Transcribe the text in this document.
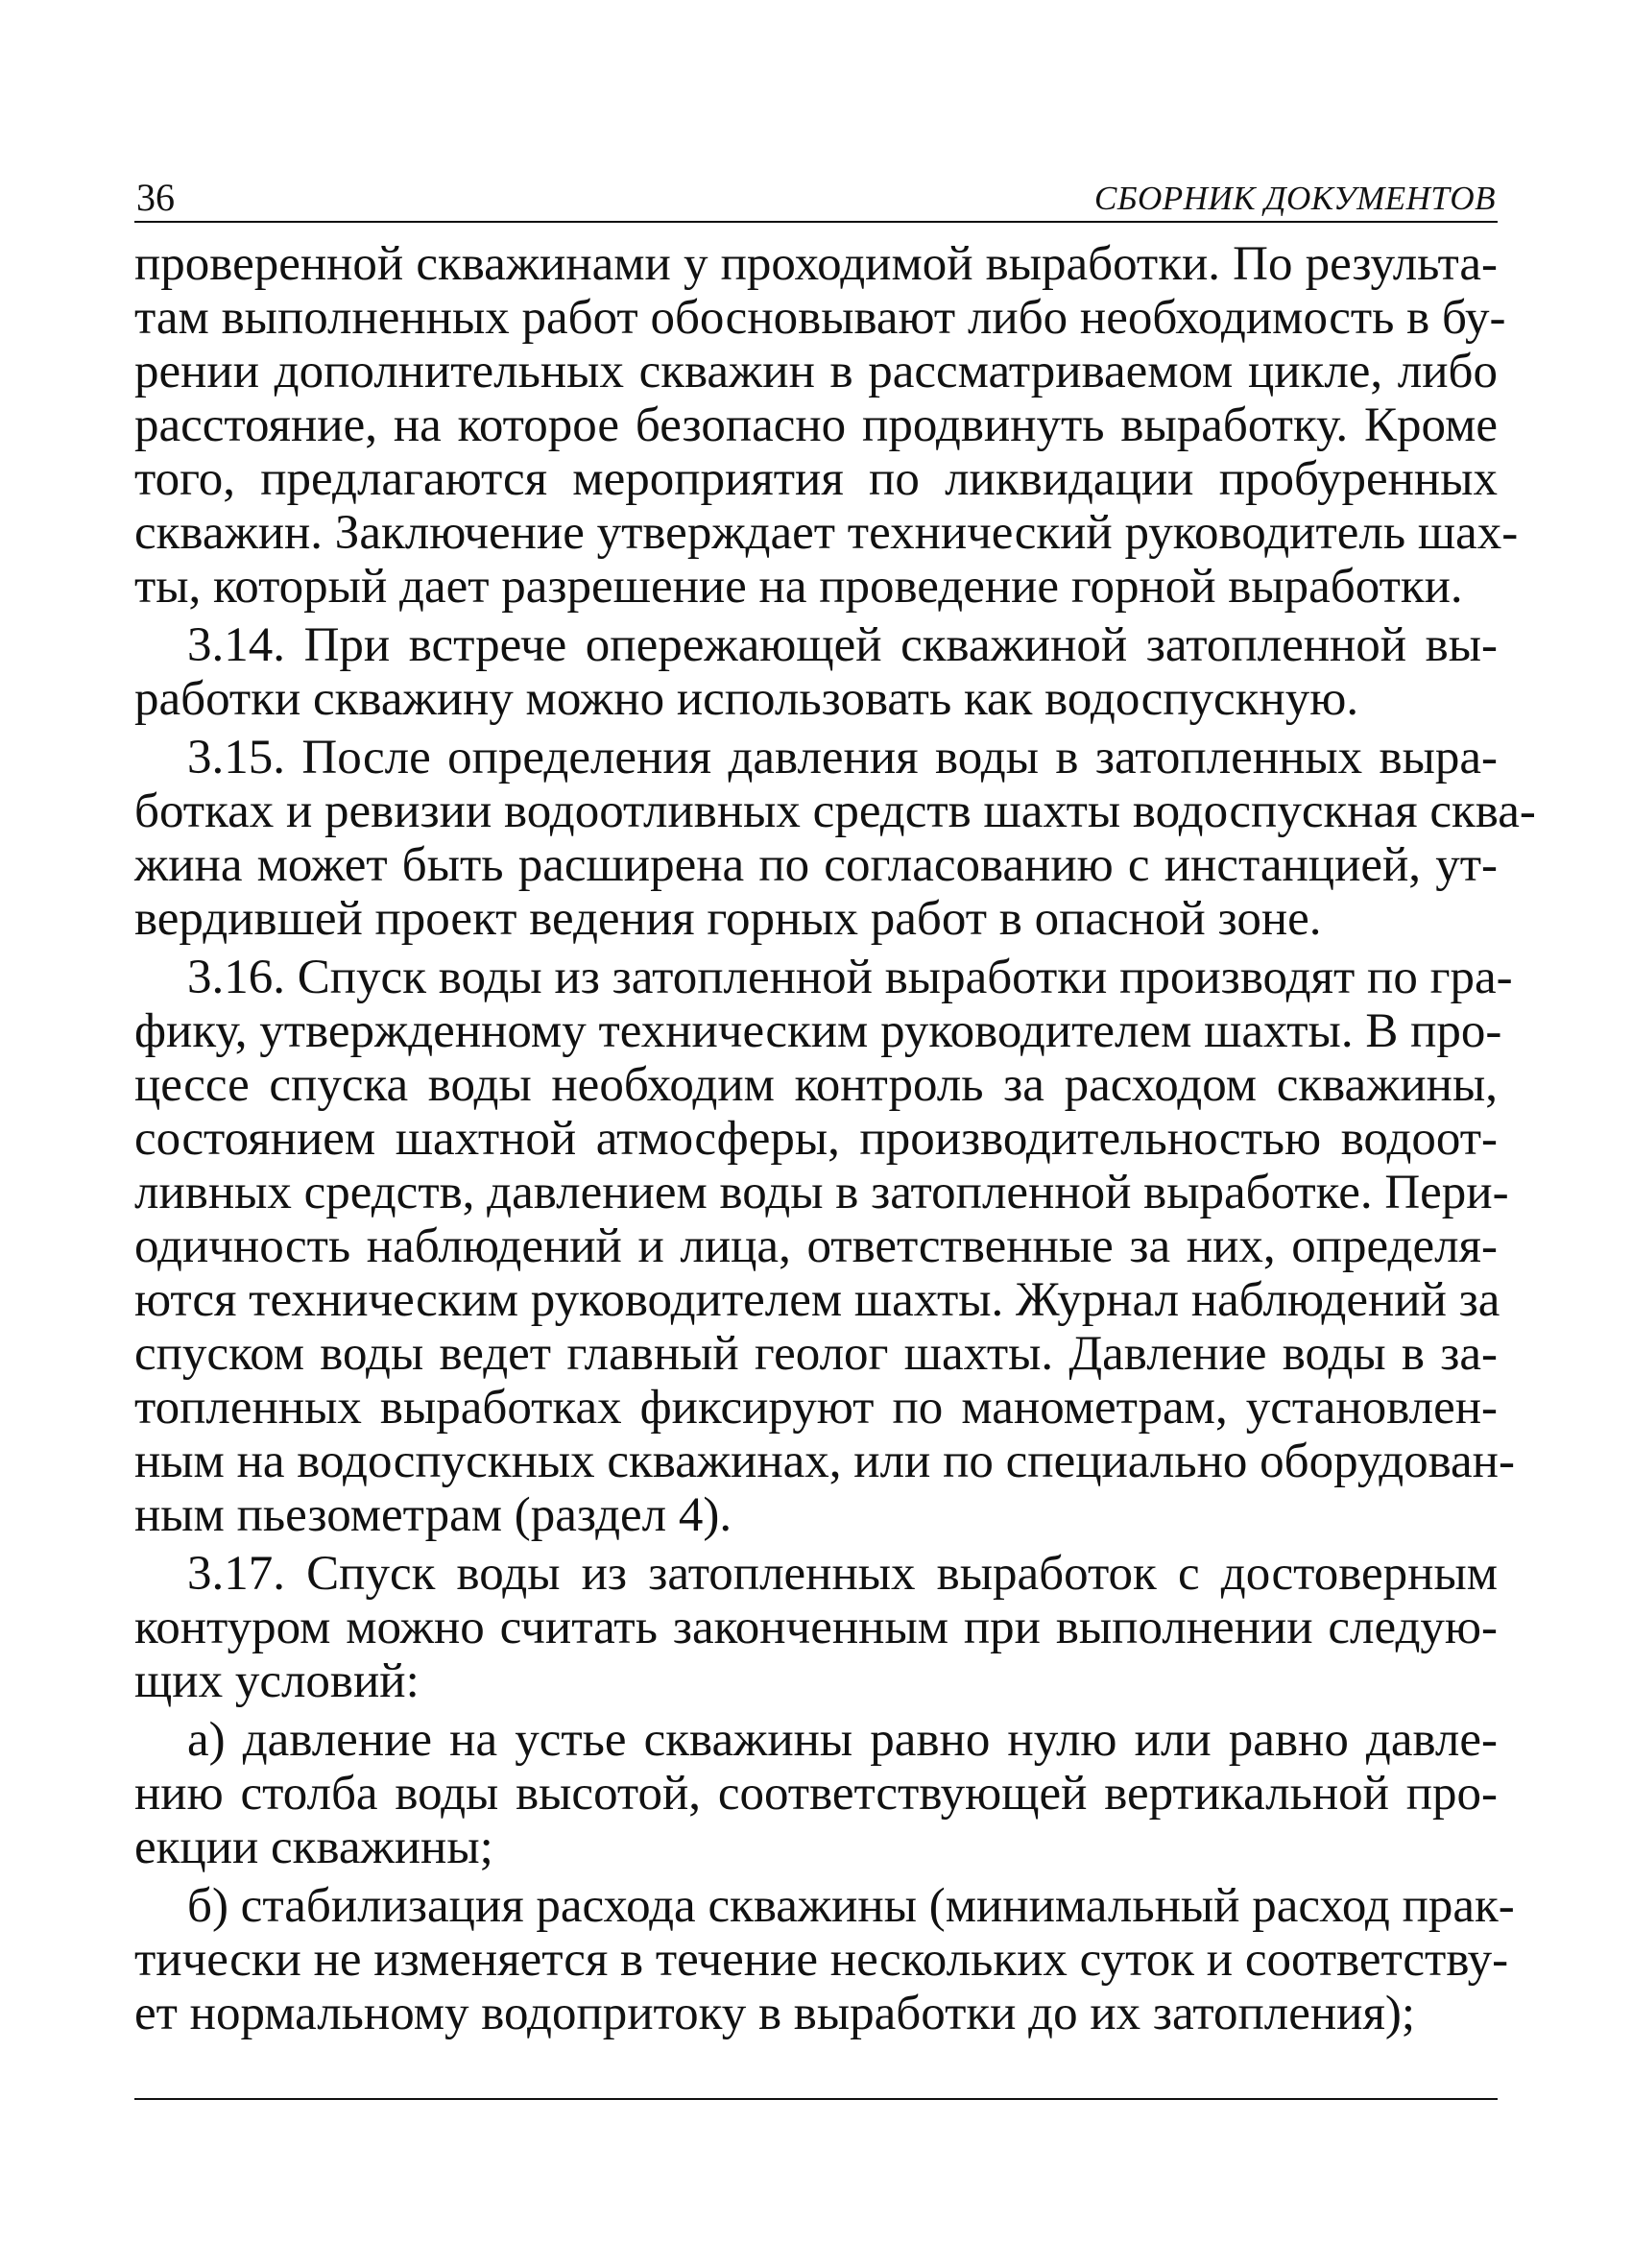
36	СБОРНИК ДОКУМЕНТОВ

проверенной скважинами у проходимой выработки. По результа-
там выполненных работ обосновывают либо необходимость в бу-
рении дополнительных скважин в рассматриваемом цикле, либо
расстояние, на которое безопасно продвинуть выработку. Кроме
того, предлагаются мероприятия по ликвидации пробуренных
скважин. Заключение утверждает технический руководитель шах-
ты, который дает разрешение на проведение горной выработки.

3.14. При встрече опережающей скважиной затопленной вы-
работки скважину можно использовать как водоспускную.

3.15. После определения давления воды в затопленных выра-
ботках и ревизии водоотливных средств шахты водоспускная сква-
жина может быть расширена по согласованию с инстанцией, ут-
вердившей проект ведения горных работ в опасной зоне.

3.16. Спуск воды из затопленной выработки производят по гра-
фику, утвержденному техническим руководителем шахты. В про-
цессе спуска воды необходим контроль за расходом скважины,
состоянием шахтной атмосферы, производительностью водоот-
ливных средств, давлением воды в затопленной выработке. Пери-
одичность наблюдений и лица, ответственные за них, определя-
ются техническим руководителем шахты. Журнал наблюдений за
спуском воды ведет главный геолог шахты. Давление воды в за-
топленных выработках фиксируют по манометрам, установлен-
ным на водоспускных скважинах, или по специально оборудован-
ным пьезометрам (раздел 4).

3.17. Спуск воды из затопленных выработок с достоверным
контуром можно считать законченным при выполнении следую-
щих условий:

а) давление на устье скважины равно нулю или равно давле-
нию столба воды высотой, соответствующей вертикальной про-
екции скважины;

б) стабилизация расхода скважины (минимальный расход прак-
тически не изменяется в течение нескольких суток и соответству-
ет нормальному водопритоку в выработки до их затопления);
